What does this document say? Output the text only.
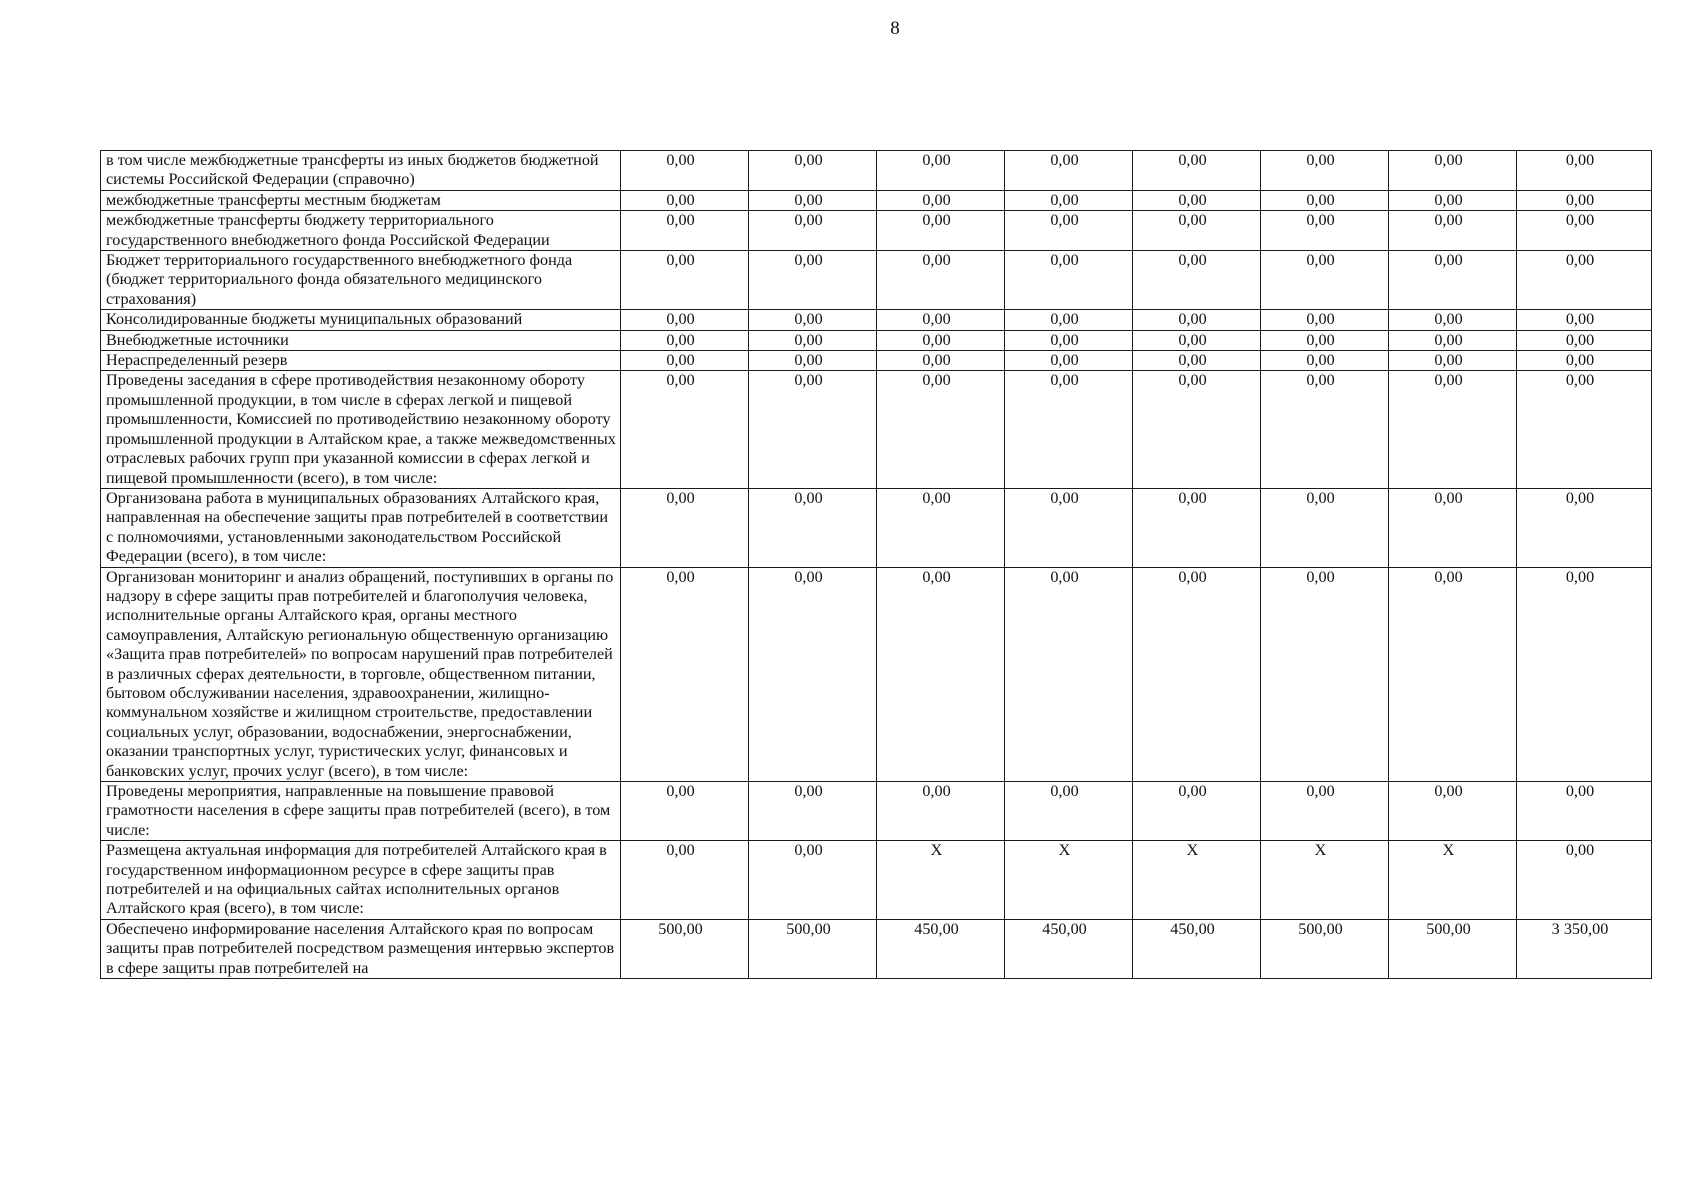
8
в том числе межбюджетные трансферты из иных бюджетов бюджетной системы Российской Федерации (справочно)	0,00	0,00	0,00	0,00	0,00	0,00	0,00	0,00
межбюджетные трансферты местным бюджетам	0,00	0,00	0,00	0,00	0,00	0,00	0,00	0,00
межбюджетные трансферты бюджету территориального государственного внебюджетного фонда Российской Федерации	0,00	0,00	0,00	0,00	0,00	0,00	0,00	0,00
Бюджет территориального государственного внебюджетного фонда (бюджет территориального фонда обязательного медицинского страхования)	0,00	0,00	0,00	0,00	0,00	0,00	0,00	0,00
Консолидированные бюджеты муниципальных образований	0,00	0,00	0,00	0,00	0,00	0,00	0,00	0,00
Внебюджетные источники	0,00	0,00	0,00	0,00	0,00	0,00	0,00	0,00
Нераспределенный резерв	0,00	0,00	0,00	0,00	0,00	0,00	0,00	0,00
Проведены заседания в сфере противодействия незаконному обороту промышленной продукции, в том числе в сферах легкой и пищевой промышленности, Комиссией по противодействию незаконному обороту промышленной продукции в Алтайском крае, а также межведомственных отраслевых рабочих групп при указанной комиссии в сферах легкой и пищевой промышленности (всего), в том числе:	0,00	0,00	0,00	0,00	0,00	0,00	0,00	0,00
Организована работа в муниципальных образованиях Алтайского края, направленная на обеспечение защиты прав потребителей в соответствии с полномочиями, установленными законодательством Российской Федерации (всего), в том числе:	0,00	0,00	0,00	0,00	0,00	0,00	0,00	0,00
Организован мониторинг и анализ обращений, поступивших в органы по надзору в сфере защиты прав потребителей и благополучия человека, исполнительные органы Алтайского края, органы местного самоуправления, Алтайскую региональную общественную организацию «Защита прав потребителей» по вопросам нарушений прав потребителей в различных сферах деятельности, в торговле, общественном питании, бытовом обслуживании населения, здравоохранении, жилищно-коммунальном хозяйстве и жилищном строительстве, предоставлении социальных услуг, образовании, водоснабжении, энергоснабжении, оказании транспортных услуг, туристических услуг, финансовых и банковских услуг, прочих услуг (всего), в том числе:	0,00	0,00	0,00	0,00	0,00	0,00	0,00	0,00
Проведены мероприятия, направленные на повышение правовой грамотности населения в сфере защиты прав потребителей (всего), в том числе:	0,00	0,00	0,00	0,00	0,00	0,00	0,00	0,00
Размещена актуальная информация для потребителей Алтайского края в государственном информационном ресурсе в сфере защиты прав потребителей и на официальных сайтах исполнительных органов Алтайского края (всего), в том числе:	0,00	0,00	X	X	X	X	X	0,00
Обеспечено информирование населения Алтайского края по вопросам защиты прав потребителей посредством размещения интервью экспертов в сфере защиты прав потребителей на	500,00	500,00	450,00	450,00	450,00	500,00	500,00	3 350,00
